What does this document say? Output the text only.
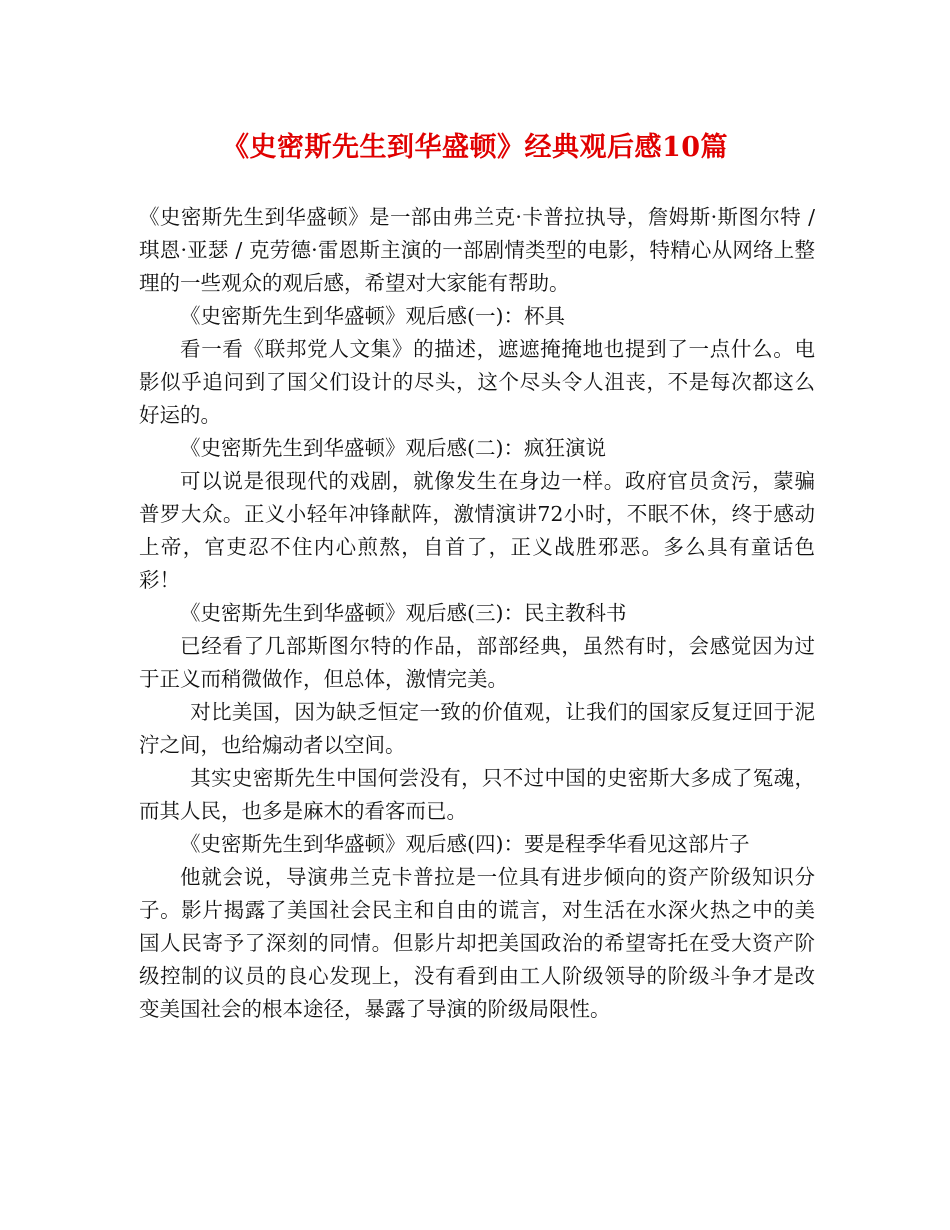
《史密斯先生到华盛顿》经典观后感10篇

《史密斯先生到华盛顿》是一部由弗兰克·卡普拉执导，詹姆斯·斯图尔特 / 琪恩·亚瑟 / 克劳德·雷恩斯主演的一部剧情类型的电影，特精心从网络上整理的一些观众的观后感，希望对大家能有帮助。

《史密斯先生到华盛顿》观后感(一)：杯具

看一看《联邦党人文集》的描述，遮遮掩掩地也提到了一点什么。电影似乎追问到了国父们设计的尽头，这个尽头令人沮丧，不是每次都这么好运的。

《史密斯先生到华盛顿》观后感(二)：疯狂演说

可以说是很现代的戏剧，就像发生在身边一样。政府官员贪污，蒙骗普罗大众。正义小轻年冲锋献阵，激情演讲72小时，不眠不休，终于感动上帝，官吏忍不住内心煎熬，自首了，正义战胜邪恶。多么具有童话色彩！

《史密斯先生到华盛顿》观后感(三)：民主教科书

已经看了几部斯图尔特的作品，部部经典，虽然有时，会感觉因为过于正义而稍微做作，但总体，激情完美。

对比美国，因为缺乏恒定一致的价值观，让我们的国家反复迂回于泥泞之间，也给煽动者以空间。

其实史密斯先生中国何尝没有，只不过中国的史密斯大多成了冤魂，而其人民，也多是麻木的看客而已。

《史密斯先生到华盛顿》观后感(四)：要是程季华看见这部片子

他就会说，导演弗兰克卡普拉是一位具有进步倾向的资产阶级知识分子。影片揭露了美国社会民主和自由的谎言，对生活在水深火热之中的美国人民寄予了深刻的同情。但影片却把美国政治的希望寄托在受大资产阶级控制的议员的良心发现上，没有看到由工人阶级领导的阶级斗争才是改变美国社会的根本途径，暴露了导演的阶级局限性。
